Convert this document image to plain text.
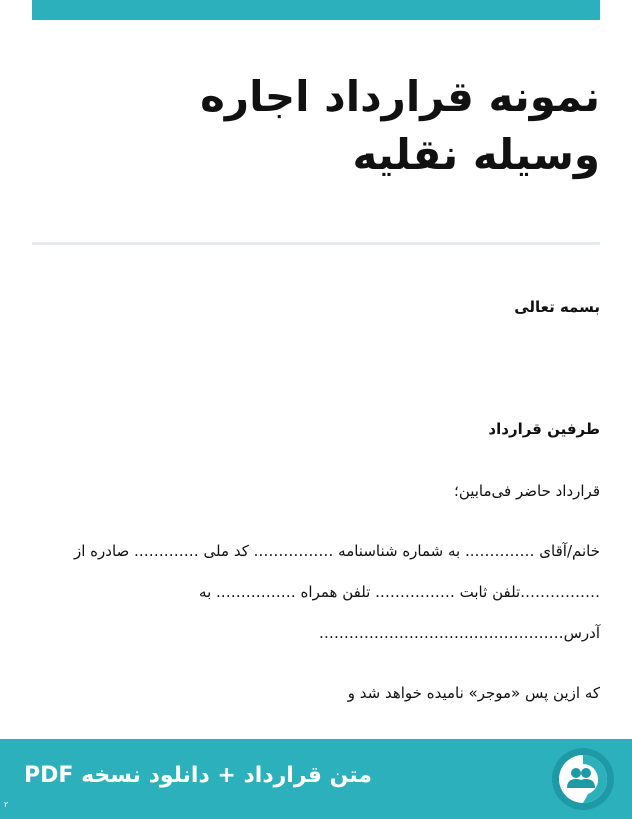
نمونه قرارداد اجاره
وسیله نقلیه
بسمه تعالی
طرفین قرارداد
قرارداد حاضر فی‌مابین؛
خانم/آقای ………….. به شماره شناسنامه ……………. کد ملی …………. صادره از
…………….تلفن ثابت ……………. تلفن همراه ……………. به
آدرس……………….…………………………
که ازین پس «موجر» نامیده خواهد شد و
متن قرارداد + دانلود نسخه PDF
۲
